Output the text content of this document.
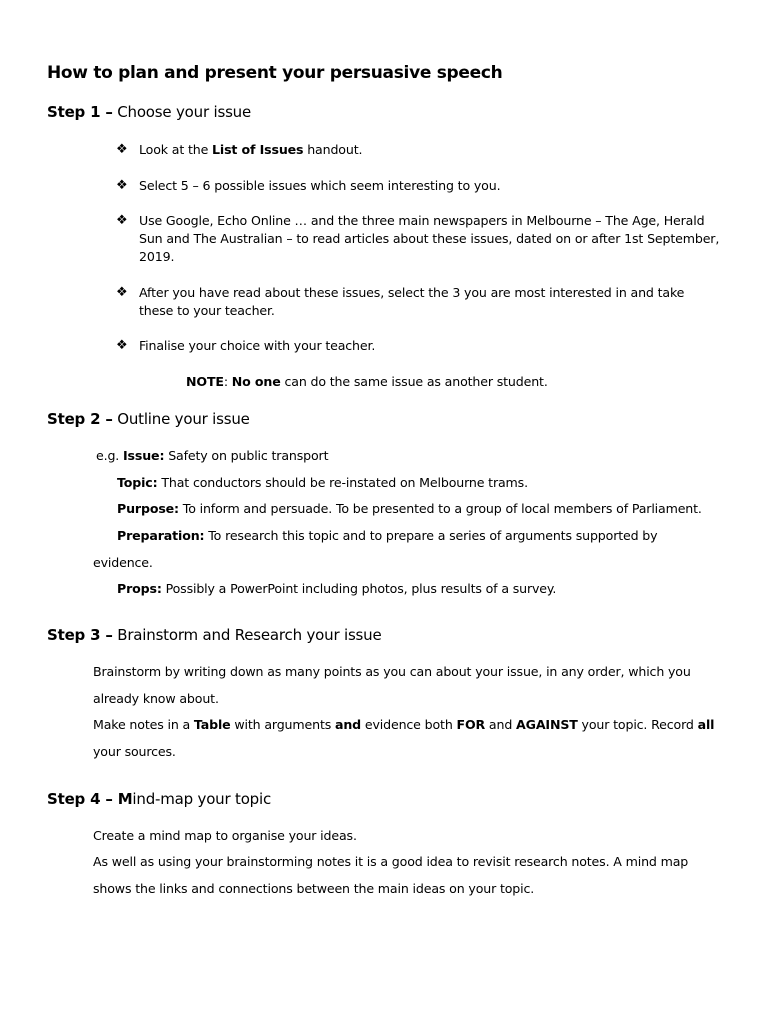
How to plan and present your persuasive speech
Step 1 – Choose your issue
❖ Look at the List of Issues handout.
❖ Select 5 – 6 possible issues which seem interesting to you.
❖ Use Google, Echo Online … and the three main newspapers in Melbourne – The Age, Herald Sun and The Australian – to read articles about these issues, dated on or after 1st September, 2019.
❖ After you have read about these issues, select the 3 you are most interested in and take these to your teacher.
❖ Finalise your choice with your teacher.
NOTE: No one can do the same issue as another student.
Step 2 – Outline your issue
e.g. Issue: Safety on public transport
Topic: That conductors should be re-instated on Melbourne trams.
Purpose: To inform and persuade. To be presented to a group of local members of Parliament.
Preparation: To research this topic and to prepare a series of arguments supported by
evidence.
Props: Possibly a PowerPoint including photos, plus results of a survey.
Step 3 – Brainstorm and Research your issue
Brainstorm by writing down as many points as you can about your issue, in any order, which you already know about.
Make notes in a Table with arguments and evidence both FOR and AGAINST your topic. Record all your sources.
Step 4 – Mind-map your topic
Create a mind map to organise your ideas.
As well as using your brainstorming notes it is a good idea to revisit research notes. A mind map shows the links and connections between the main ideas on your topic.
